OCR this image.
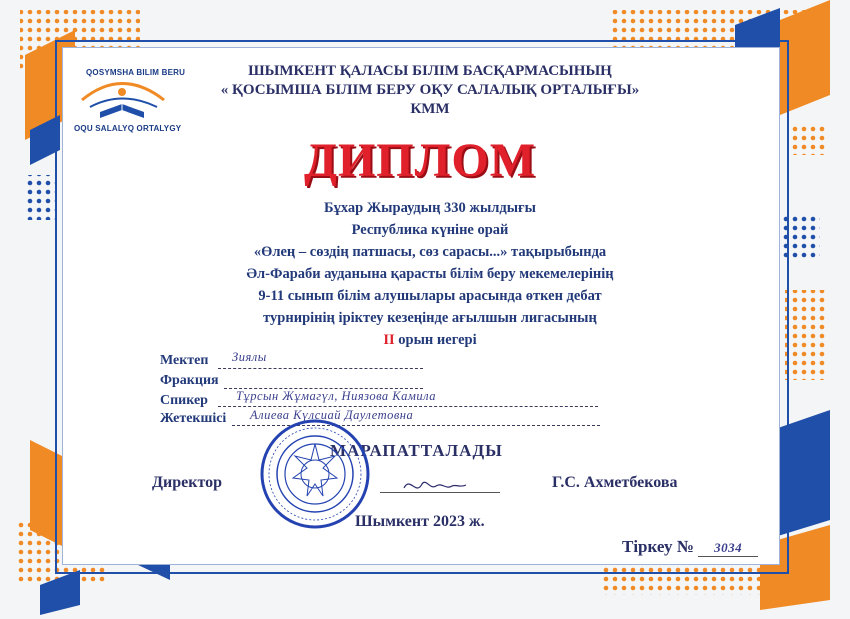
QOSYMSHA BILIM BERU
OQU SALALYQ ORTALYGY
ШЫМКЕНТ ҚАЛАСЫ БІЛІМ БАСҚАРМАСЫНЫҢ
« ҚОСЫМША БІЛІМ БЕРУ ОҚУ САЛАЛЫҚ ОРТАЛЫҒЫ»
КММ
ДИПЛОМ
Бұхар Жыраудың 330 жылдығы
Республика күніне орай
«Өлең – сөздің патшасы, сөз сарасы...» тақырыбында
Әл-Фараби ауданына қарасты білім беру мекемелерінің
9-11 сынып білім алушылары арасында өткен дебат
турнирінің іріктеу кезеңінде ағылшын лигасының
II орын иегері
Мектеп Зиялы
Фракция
Спикер Тұрсын Жұмагүл, Ниязова Камила
Жетекшісі Алиева Күлсиай Даулетовна
МАРАПАТТАЛАДЫ
Директор	Г.С. Ахметбекова
Шымкент 2023 ж.
Тіркеу № 3034
